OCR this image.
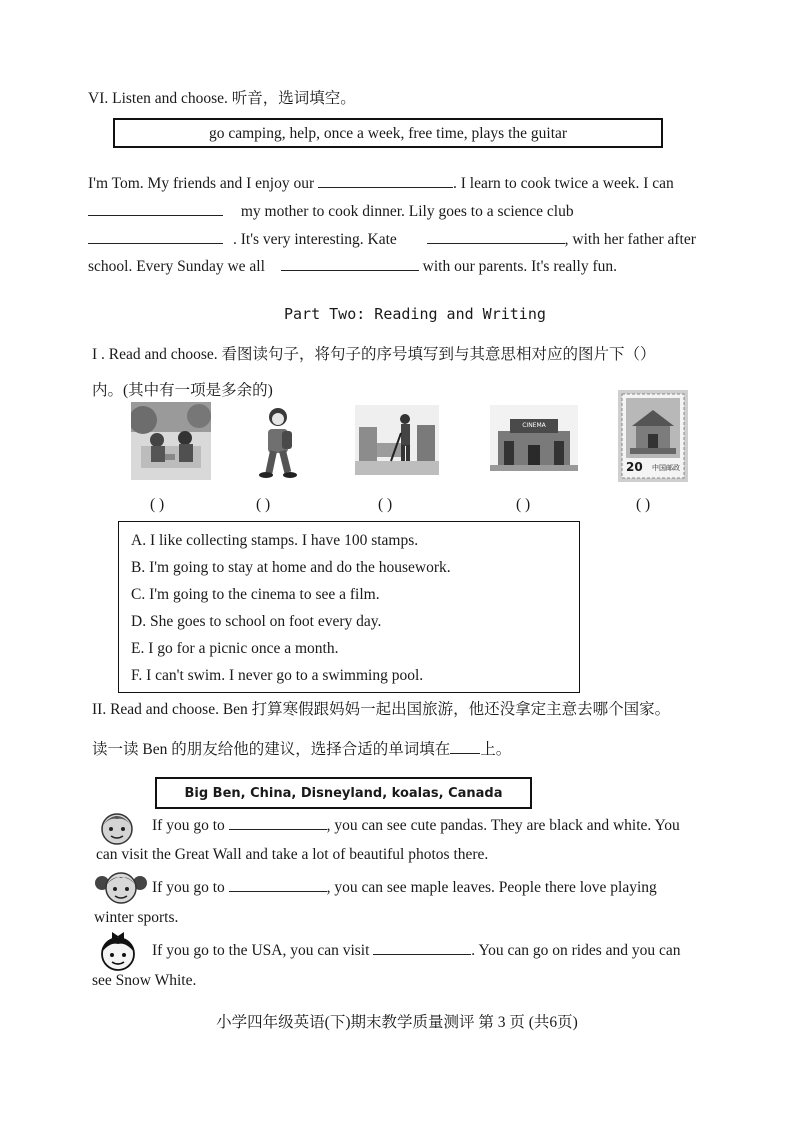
VI. Listen and choose. 听音，选词填空。
go camping, help, once a week, free time, plays the guitar
I'm Tom. My friends and I enjoy our	. I learn to cook twice a week. I can
my mother to cook dinner. Lily goes to a science club
. It's very interesting. Kate	, with her father after
school. Every Sunday we all	with our parents. It's really fun.
Part Two: Reading and Writing
I . Read and choose. 看图读句子，将句子的序号填写到与其意思相对应的图片下（）
内。(其中有一项是多余的)
CINEMA
20 中国邮政
( )	( )	( )	( )	( )
A. I like collecting stamps. I have 100 stamps.
B. I'm going to stay at home and do the housework.
C. I'm going to the cinema to see a film.
D. She goes to school on foot every day.
E. I go for a picnic once a month.
F. I can't swim. I never go to a swimming pool.
II. Read and choose. Ben 打算寒假跟妈妈一起出国旅游，他还没拿定主意去哪个国家。
读一读 Ben 的朋友给他的建议，选择合适的单词填在 上。
Big Ben, China, Disneyland, koalas, Canada
If you go to	, you can see cute pandas. They are black and white. You
can visit the Great Wall and take a lot of beautiful photos there.
If you go to	, you can see maple leaves. People there love playing
winter sports.
If you go to the USA, you can visit	. You can go on rides and you can
see Snow White.
小学四年级英语(下)期末教学质量测评 第 3 页 (共6页)
